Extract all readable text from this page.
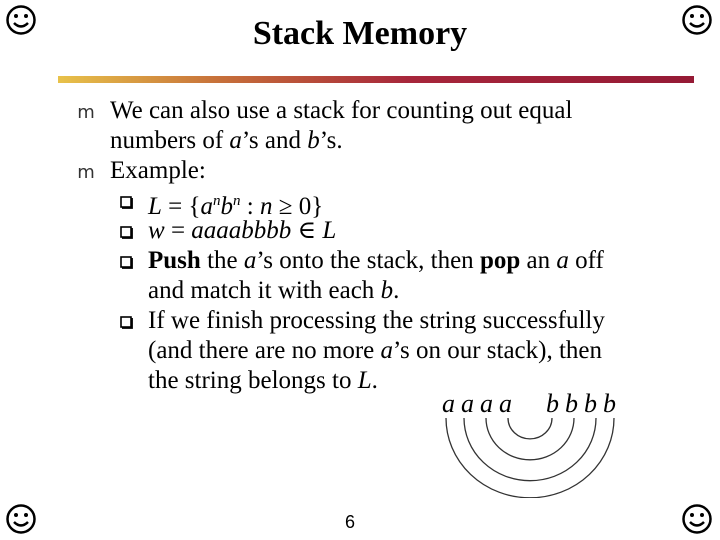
Stack Memory
m We can also use a stack for counting out equal
numbers of a’s and b’s.
m Example:
$L = \{a^nb^n$ : n ≥ 0}
w = aaaabbbb ∈ L
Push the a’s onto the stack, then pop an a off
and match it with each b.
If we finish processing the string successfully
(and there are no more a’s on our stack), then
the string belongs to L.
a a a a b b b b
6
